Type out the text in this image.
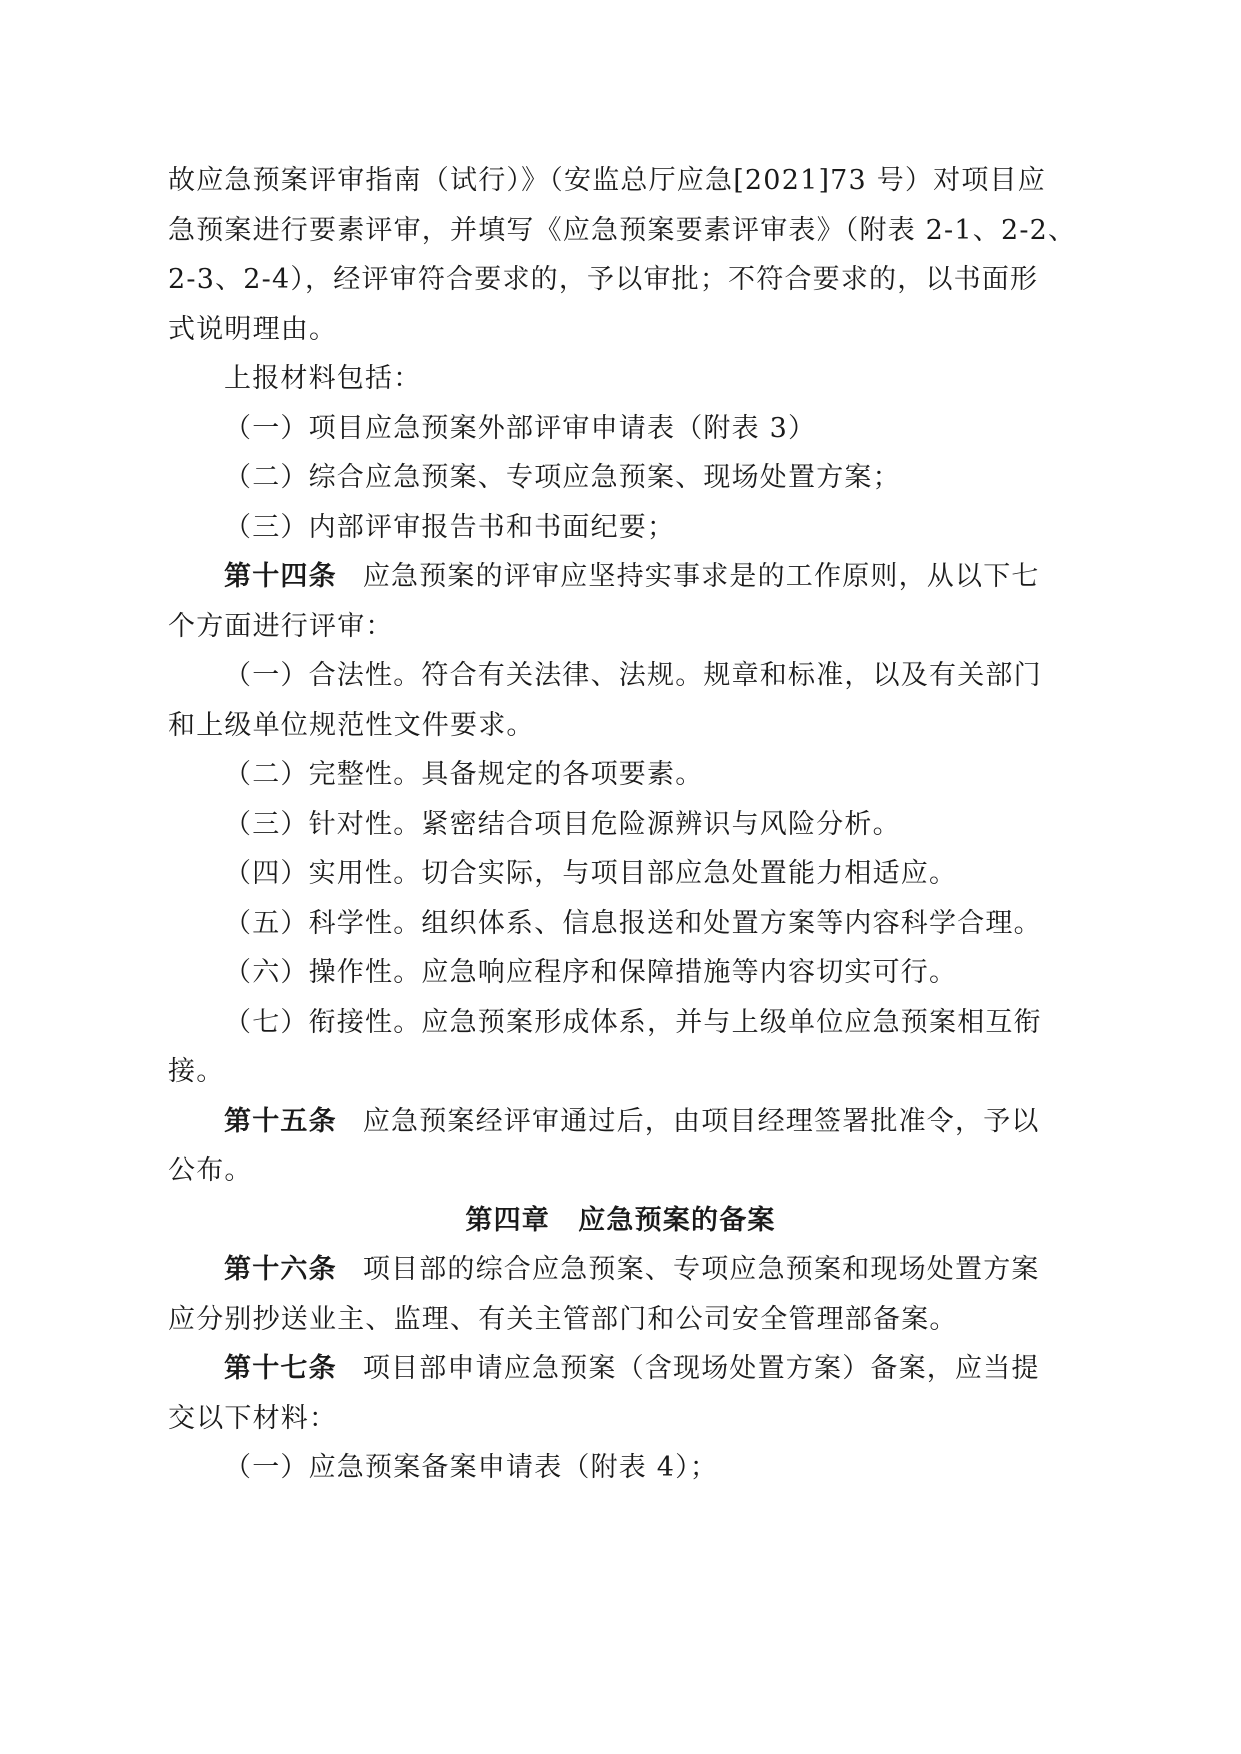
故应急预案评审指南（试行）》（安监总厅应急[2021]73 号）对项目应
急预案进行要素评审，并填写《应急预案要素评审表》（附表 2-1、2-2、
2-3、2-4），经评审符合要求的，予以审批；不符合要求的，以书面形
式说明理由。
上报材料包括：
（一）项目应急预案外部评审申请表（附表 3）
（二）综合应急预案、专项应急预案、现场处置方案；
（三）内部评审报告书和书面纪要；
第十四条 应急预案的评审应坚持实事求是的工作原则，从以下七
个方面进行评审：
（一）合法性。符合有关法律、法规。规章和标准，以及有关部门
和上级单位规范性文件要求。
（二）完整性。具备规定的各项要素。
（三）针对性。紧密结合项目危险源辨识与风险分析。
（四）实用性。切合实际，与项目部应急处置能力相适应。
（五）科学性。组织体系、信息报送和处置方案等内容科学合理。
（六）操作性。应急响应程序和保障措施等内容切实可行。
（七）衔接性。应急预案形成体系，并与上级单位应急预案相互衔
接。
第十五条 应急预案经评审通过后，由项目经理签署批准令，予以
公布。
第四章　应急预案的备案
第十六条 项目部的综合应急预案、专项应急预案和现场处置方案
应分别抄送业主、监理、有关主管部门和公司安全管理部备案。
第十七条 项目部申请应急预案（含现场处置方案）备案，应当提
交以下材料：
（一）应急预案备案申请表（附表 4）；
